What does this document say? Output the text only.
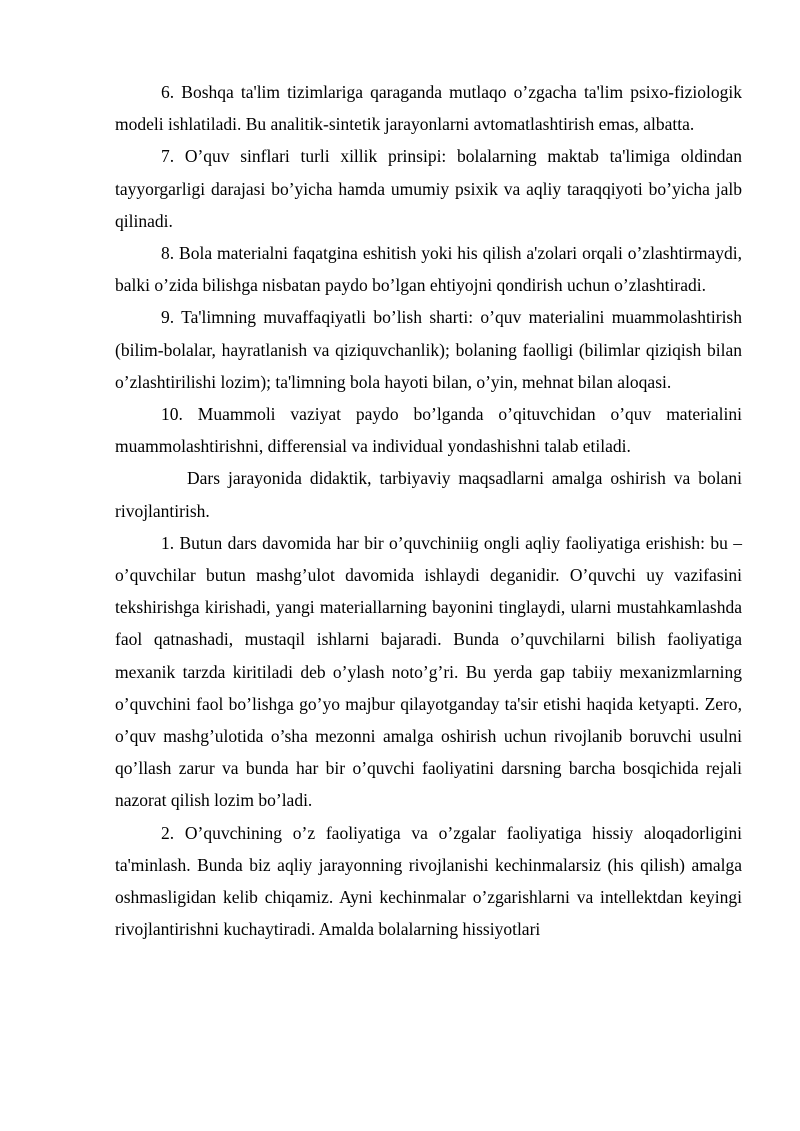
6. Boshqa ta'lim tizimlariga qaraganda mutlaqo o’zgacha ta'lim psixo-fiziologik modeli ishlatiladi. Bu analitik-sintetik jarayonlarni avtomatlashtirish emas, albatta.

7. O’quv sinflari turli xillik prinsipi: bolalarning maktab ta'limiga oldindan tayyorgarligi darajasi bo’yicha hamda umumiy psixik va aqliy taraqqiyoti bo’yicha jalb qilinadi.

8. Bola materialni faqatgina eshitish yoki his qilish a'zolari orqali o’zlashtirmaydi, balki o’zida bilishga nisbatan paydo bo’lgan ehtiyojni qondirish uchun o’zlashtiradi.

9. Ta'limning muvaffaqiyatli bo’lish sharti: o’quv materialini muammolashtirish (bilim-bolalar, hayratlanish va qiziquvchanlik); bolaning faolligi (bilimlar qiziqish bilan o’zlashtirilishi lozim); ta'limning bola hayoti bilan, o’yin, mehnat bilan aloqasi.

10. Muammoli vaziyat paydo bo’lganda o’qituvchidan o’quv materialini muammolashtirishni, differensial va individual yondashishni talab etiladi.

Dars jarayonida didaktik, tarbiyaviy maqsadlarni amalga oshirish va bolani rivojlantirish.

1. Butun dars davomida har bir o’quvchiniig ongli aqliy faoliyatiga erishish: bu – o’quvchilar butun mashg’ulot davomida ishlaydi deganidir. O’quvchi uy vazifasini tekshirishga kirishadi, yangi materiallarning bayonini tinglaydi, ularni mustahkamlashda faol qatnashadi, mustaqil ishlarni bajaradi. Bunda o’quvchilarni bilish faoliyatiga mexanik tarzda kiritiladi deb o’ylash noto’g’ri. Bu yerda gap tabiiy mexanizmlarning o’quvchini faol bo’lishga go’yo majbur qilayotganday ta'sir etishi haqida ketyapti. Zero, o’quv mashg’ulotida o’sha mezonni amalga oshirish uchun rivojlanib boruvchi usulni qo’llash zarur va bunda har bir o’quvchi faoliyatini darsning barcha bosqichida rejali nazorat qilish lozim bo’ladi.

2. O’quvchining o’z faoliyatiga va o’zgalar faoliyatiga hissiy aloqadorligini ta'minlash. Bunda biz aqliy jarayonning rivojlanishi kechinmalarsiz (his qilish) amalga oshmasligidan kelib chiqamiz. Ayni kechinmalar o’zgarishlarni va intellektdan keyingi rivojlantirishni kuchaytiradi. Amalda bolalarning hissiyotlari
